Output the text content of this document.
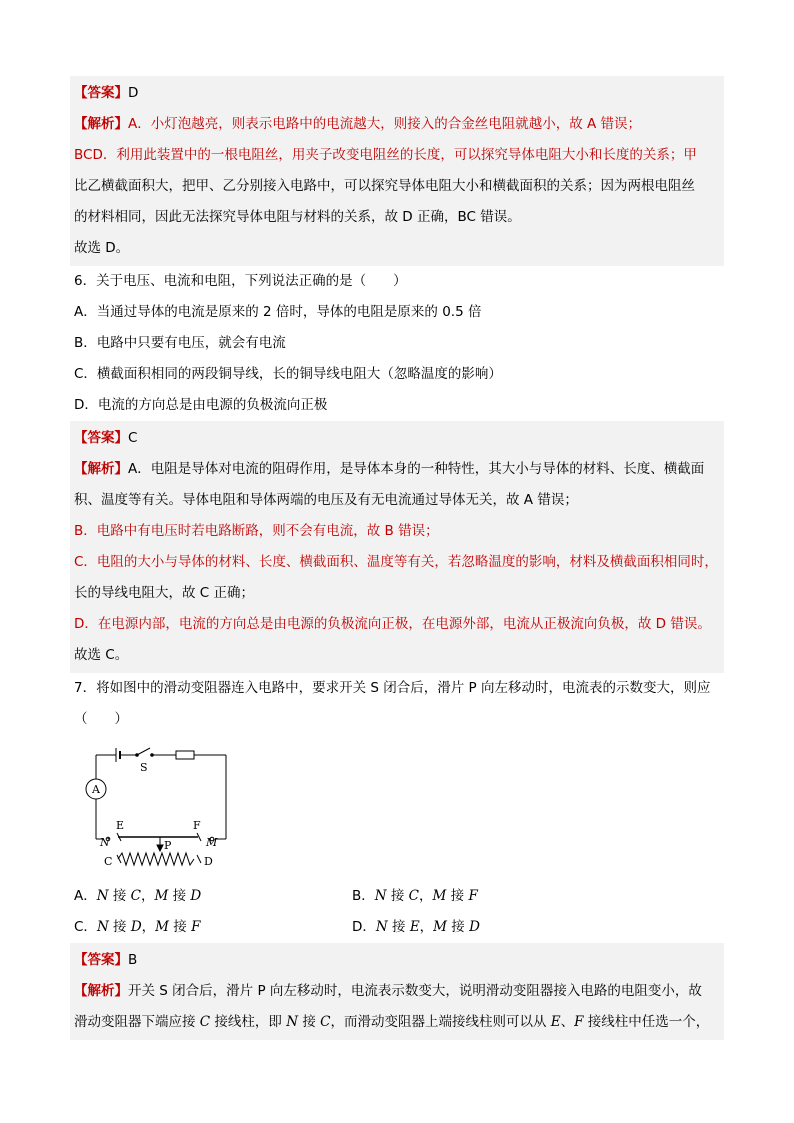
【答案】D
【解析】A．小灯泡越亮，则表示电路中的电流越大，则接入的合金丝电阻就越小，故 A 错误；
BCD．利用此装置中的一根电阻丝，用夹子改变电阻丝的长度，可以探究导体电阻大小和长度的关系；甲
比乙横截面积大，把甲、乙分别接入电路中，可以探究导体电阻大小和横截面积的关系；因为两根电阻丝
的材料相同，因此无法探究导体电阻与材料的关系，故 D 正确，BC 错误。
故选 D。
6．关于电压、电流和电阻，下列说法正确的是（　　）
A．当通过导体的电流是原来的 2 倍时，导体的电阻是原来的 0.5 倍
B．电路中只要有电压，就会有电流
C．横截面积相同的两段铜导线，长的铜导线电阻大（忽略温度的影响）
D．电流的方向总是由电源的负极流向正极
【答案】C
【解析】A．电阻是导体对电流的阻碍作用，是导体本身的一种特性，其大小与导体的材料、长度、横截面
积、温度等有关。导体电阻和导体两端的电压及有无电流通过导体无关，故 A 错误；
B．电路中有电压时若电路断路，则不会有电流，故 B 错误；
C．电阻的大小与导体的材料、长度、横截面积、温度等有关，若忽略温度的影响，材料及横截面积相同时，
长的导线电阻大，故 C 正确；
D．在电源内部，电流的方向总是由电源的负极流向正极，在电源外部，电流从正极流向负极，故 D 错误。
故选 C。
7．将如图中的滑动变阻器连入电路中，要求开关 S 闭合后，滑片 P 向左移动时，电流表的示数变大，则应
（　　）
A
S
E	F
N	M
P
C	D
A．N 接 C，M 接 D	B．N 接 C，M 接 F
C．N 接 D，M 接 F	D．N 接 E，M 接 D
【答案】B
【解析】开关 S 闭合后，滑片 P 向左移动时，电流表示数变大，说明滑动变阻器接入电路的电阻变小，故
滑动变阻器下端应接 C 接线柱，即 N 接 C，而滑动变阻器上端接线柱则可以从 E、F 接线柱中任选一个，
